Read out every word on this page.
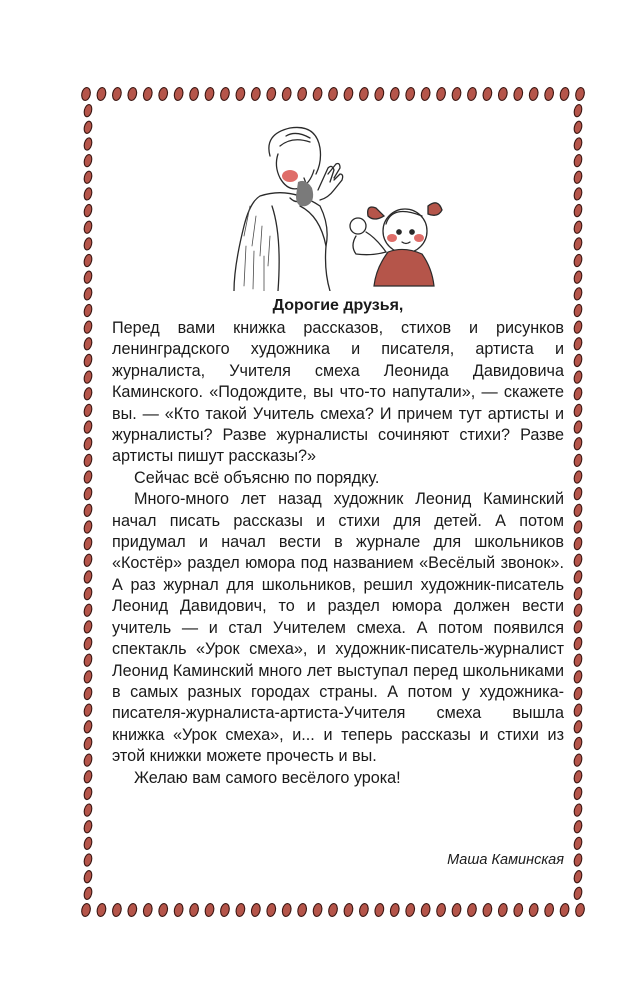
Дорогие друзья,

Перед вами книжка рассказов, стихов и рисунков ленинградского художника и писателя, артиста и журналиста, Учителя смеха Леонида Давидовича Каминского. «Подождите, вы что-то напутали», — скажете вы. — «Кто такой Учитель смеха? И причем тут артисты и журналисты? Разве журналисты сочиняют стихи? Разве артисты пишут рассказы?»

Сейчас всё объясню по порядку.

Много-много лет назад художник Леонид Каминский начал писать рассказы и стихи для детей. А потом придумал и начал вести в журнале для школьников «Костёр» раздел юмора под названием «Весёлый звонок». А раз журнал для школьников, решил художник-писатель Леонид Давидович, то и раздел юмора должен вести учитель — и стал Учителем смеха. А потом появился спектакль «Урок смеха», и художник-писатель-журналист Леонид Каминский много лет выступал перед школьниками в самых разных городах страны. А потом у художника-писателя-журналиста-артиста-Учителя смеха вышла книжка «Урок смеха», и... и теперь рассказы и стихи из этой книжки можете прочесть и вы.

Желаю вам самого весёлого урока!

Маша Каминская
